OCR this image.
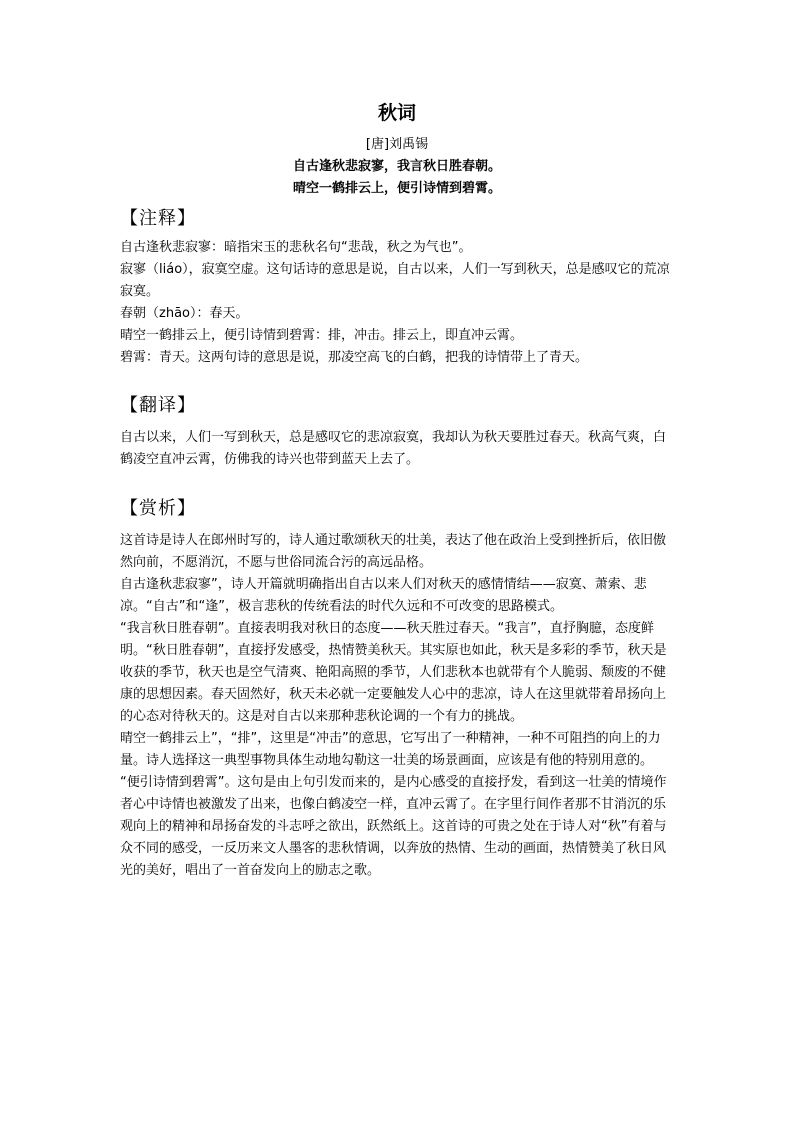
秋词
[唐]刘禹锡
自古逢秋悲寂寥，我言秋日胜春朝。
晴空一鹤排云上，便引诗情到碧霄。
【注释】

自古逢秋悲寂寥：暗指宋玉的悲秋名句“悲哉，秋之为气也”。

寂寥（liáo），寂寞空虚。这句话诗的意思是说，自古以来，人们一写到秋天，总是感叹它的荒凉寂寞。

春朝（zhāo）：春天。

晴空一鹤排云上，便引诗情到碧霄：排，冲击。排云上，即直冲云霄。

碧霄：青天。这两句诗的意思是说，那凌空高飞的白鹤，把我的诗情带上了青天。

【翻译】

自古以来，人们一写到秋天，总是感叹它的悲凉寂寞，我却认为秋天要胜过春天。秋高气爽，白鹤凌空直冲云霄，仿佛我的诗兴也带到蓝天上去了。

【赏析】

这首诗是诗人在郎州时写的，诗人通过歌颂秋天的壮美，表达了他在政治上受到挫折后，依旧傲然向前，不愿消沉，不愿与世俗同流合污的高远品格。

自古逢秋悲寂寥”，诗人开篇就明确指出自古以来人们对秋天的感情情结——寂寞、萧索、悲凉。“自古”和“逢”，极言悲秋的传统看法的时代久远和不可改变的思路模式。

“我言秋日胜春朝”。直接表明我对秋日的态度——秋天胜过春天。“我言”，直抒胸臆，态度鲜明。“秋日胜春朝”，直接抒发感受，热情赞美秋天。其实原也如此，秋天是多彩的季节，秋天是收获的季节，秋天也是空气清爽、艳阳高照的季节，人们悲秋本也就带有个人脆弱、颓废的不健康的思想因素。春天固然好，秋天未必就一定要触发人心中的悲凉，诗人在这里就带着昂扬向上的心态对待秋天的。这是对自古以来那种悲秋论调的一个有力的挑战。

晴空一鹤排云上”，“排”，这里是“冲击”的意思，它写出了一种精神，一种不可阻挡的向上的力量。诗人选择这一典型事物具体生动地勾勒这一壮美的场景画面，应该是有他的特别用意的。

“便引诗情到碧霄”。这句是由上句引发而来的，是内心感受的直接抒发，看到这一壮美的情境作者心中诗情也被激发了出来，也像白鹤凌空一样，直冲云霄了。在字里行间作者那不甘消沉的乐观向上的精神和昂扬奋发的斗志呼之欲出，跃然纸上。这首诗的可贵之处在于诗人对“秋”有着与众不同的感受，一反历来文人墨客的悲秋情调，以奔放的热情、生动的画面，热情赞美了秋日风光的美好，唱出了一首奋发向上的励志之歌。
